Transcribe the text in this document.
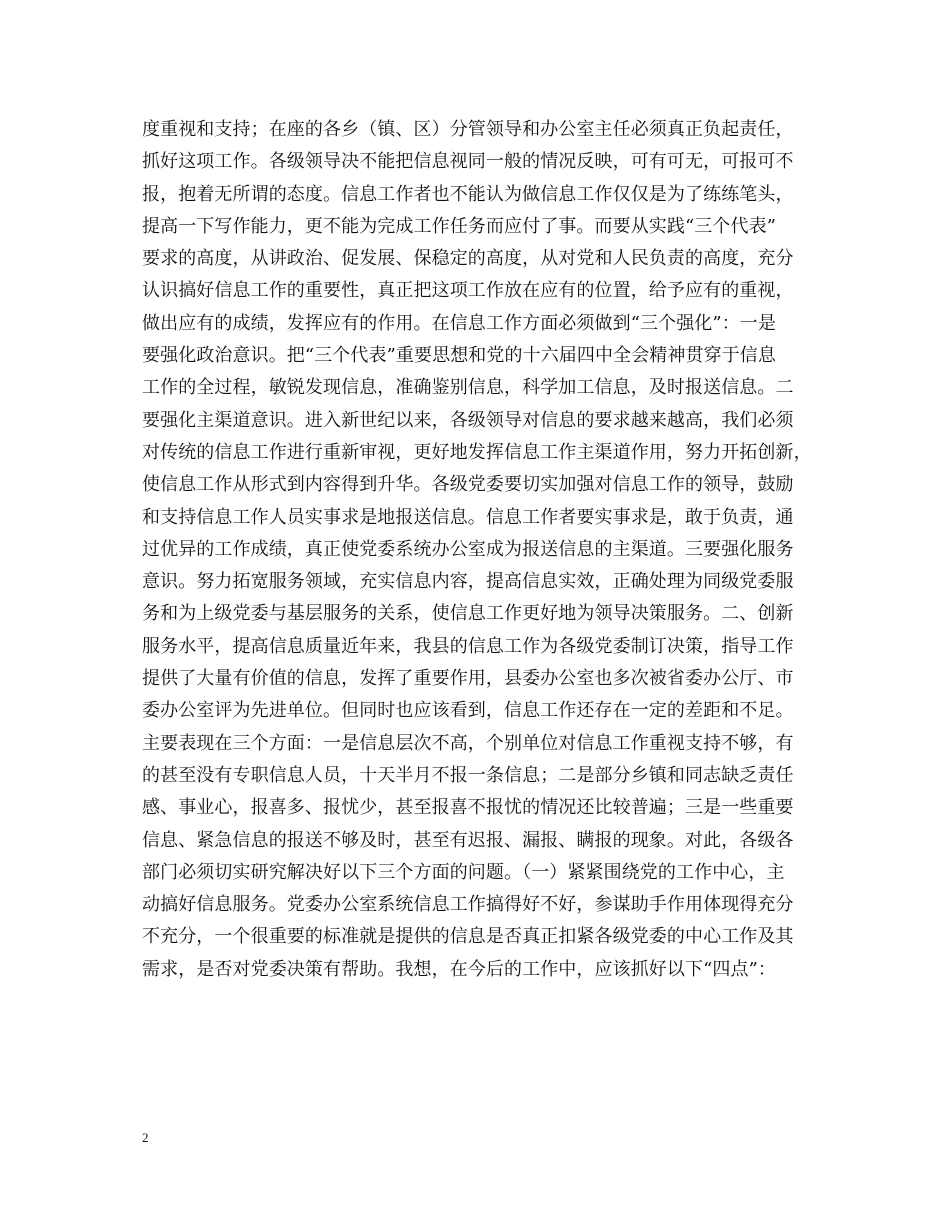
度重视和支持；在座的各乡（镇、区）分管领导和办公室主任必须真正负起责任，
抓好这项工作。各级领导决不能把信息视同一般的情况反映，可有可无，可报可不
报，抱着无所谓的态度。信息工作者也不能认为做信息工作仅仅是为了练练笔头，
提高一下写作能力，更不能为完成工作任务而应付了事。而要从实践“三个代表”
要求的高度，从讲政治、促发展、保稳定的高度，从对党和人民负责的高度，充分
认识搞好信息工作的重要性，真正把这项工作放在应有的位置，给予应有的重视，
做出应有的成绩，发挥应有的作用。在信息工作方面必须做到“三个强化”：一是
要强化政治意识。把“三个代表”重要思想和党的十六届四中全会精神贯穿于信息
工作的全过程，敏锐发现信息，准确鉴别信息，科学加工信息，及时报送信息。二
要强化主渠道意识。进入新世纪以来，各级领导对信息的要求越来越高，我们必须
对传统的信息工作进行重新审视，更好地发挥信息工作主渠道作用，努力开拓创新，
使信息工作从形式到内容得到升华。各级党委要切实加强对信息工作的领导，鼓励
和支持信息工作人员实事求是地报送信息。信息工作者要实事求是，敢于负责，通
过优异的工作成绩，真正使党委系统办公室成为报送信息的主渠道。三要强化服务
意识。努力拓宽服务领域，充实信息内容，提高信息实效，正确处理为同级党委服
务和为上级党委与基层服务的关系，使信息工作更好地为领导决策服务。二、创新
服务水平，提高信息质量近年来，我县的信息工作为各级党委制订决策，指导工作
提供了大量有价值的信息，发挥了重要作用，县委办公室也多次被省委办公厅、市
委办公室评为先进单位。但同时也应该看到，信息工作还存在一定的差距和不足。
主要表现在三个方面：一是信息层次不高，个别单位对信息工作重视支持不够，有
的甚至没有专职信息人员，十天半月不报一条信息；二是部分乡镇和同志缺乏责任
感、事业心，报喜多、报忧少，甚至报喜不报忧的情况还比较普遍；三是一些重要
信息、紧急信息的报送不够及时，甚至有迟报、漏报、瞒报的现象。对此，各级各
部门必须切实研究解决好以下三个方面的问题。（一）紧紧围绕党的工作中心，主
动搞好信息服务。党委办公室系统信息工作搞得好不好，参谋助手作用体现得充分
不充分，一个很重要的标准就是提供的信息是否真正扣紧各级党委的中心工作及其
需求，是否对党委决策有帮助。我想，在今后的工作中，应该抓好以下“四点”：
2
